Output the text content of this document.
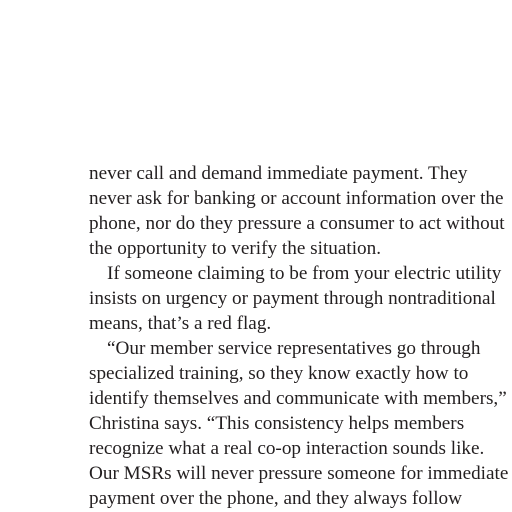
never call and demand immediate payment. They
never ask for banking or account information over the
phone, nor do they pressure a consumer to act without
the opportunity to verify the situation.
If someone claiming to be from your electric utility
insists on urgency or payment through nontraditional
means, that’s a red flag.
“Our member service representatives go through
specialized training, so they know exactly how to
identify themselves and communicate with members,”
Christina says. “This consistency helps members
recognize what a real co-op interaction sounds like.
Our MSRs will never pressure someone for immediate
payment over the phone, and they always follow
